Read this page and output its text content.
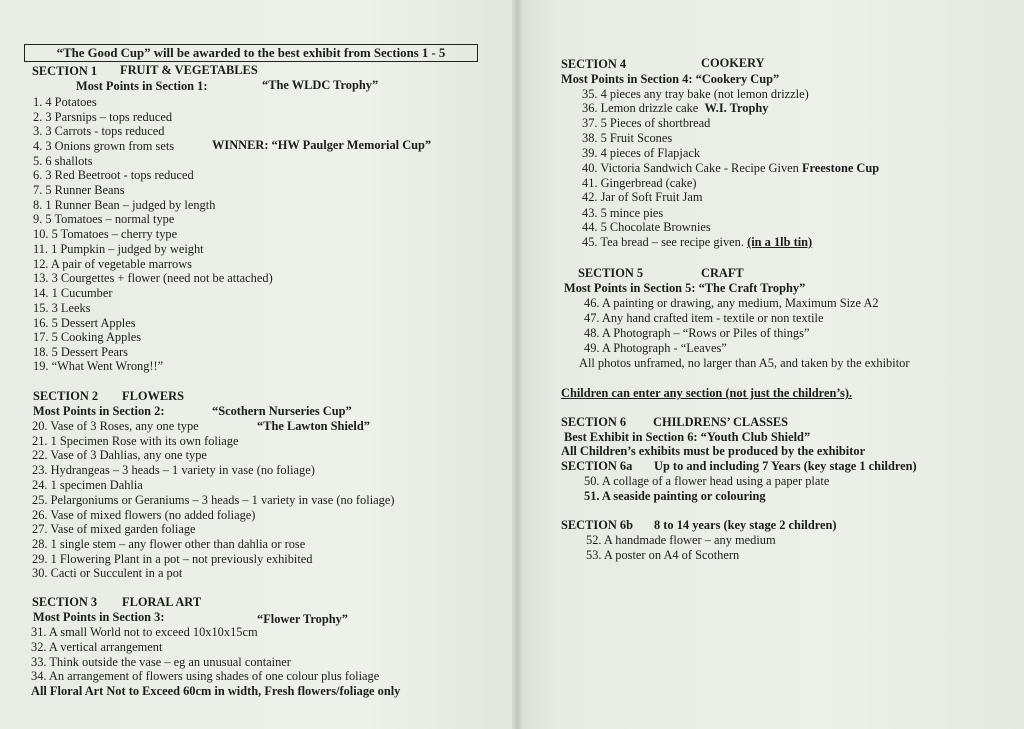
“The Good Cup” will be awarded to the best exhibit from Sections 1 - 5
SECTION 1 FRUIT & VEGETABLES
Most Points in Section 1:	“The WLDC Trophy”
1. 4 Potatoes
2. 3 Parsnips – tops reduced
3. 3 Carrots - tops reduced
4. 3 Onions grown from sets	WINNER: “HW Paulger Memorial Cup”
5. 6 shallots
6. 3 Red Beetroot - tops reduced
7. 5 Runner Beans
8. 1 Runner Bean – judged by length
9. 5 Tomatoes – normal type
10. 5 Tomatoes – cherry type
11. 1 Pumpkin – judged by weight
12. A pair of vegetable marrows
13. 3 Courgettes + flower (need not be attached)
14. 1 Cucumber
15. 3 Leeks
16. 5 Dessert Apples
17. 5 Cooking Apples
18. 5 Dessert Pears
19. “What Went Wrong!!”
SECTION 2 FLOWERS
Most Points in Section 2:	“Scothern Nurseries Cup”
“The Lawton Shield”
20. Vase of 3 Roses, any one type
21. 1 Specimen Rose with its own foliage
22. Vase of 3 Dahlias, any one type
23. Hydrangeas – 3 heads – 1 variety in vase (no foliage)
24. 1 specimen Dahlia
25. Pelargoniums or Geraniums – 3 heads – 1 variety in vase (no foliage)
26. Vase of mixed flowers (no added foliage)
27. Vase of mixed garden foliage
28. 1 single stem – any flower other than dahlia or rose
29. 1 Flowering Plant in a pot – not previously exhibited
30. Cacti or Succulent in a pot
SECTION 3 FLORAL ART
Most Points in Section 3:	“Flower Trophy”
31. A small World not to exceed 10x10x15cm
32. A vertical arrangement
33. Think outside the vase – eg an unusual container
34. An arrangement of flowers using shades of one colour plus foliage
All Floral Art Not to Exceed 60cm in width, Fresh flowers/foliage only
SECTION 4	COOKERY
Most Points in Section 4: “Cookery Cup”
35. 4 pieces any tray bake (not lemon drizzle)
36. Lemon drizzle cake W.I. Trophy
37. 5 Pieces of shortbread
38. 5 Fruit Scones
39. 4 pieces of Flapjack
40. Victoria Sandwich Cake - Recipe Given Freestone Cup
41. Gingerbread (cake)
42. Jar of Soft Fruit Jam
43. 5 mince pies
44. 5 Chocolate Brownies
45. Tea bread – see recipe given. (in a 1lb tin)
SECTION 5	CRAFT
Most Points in Section 5: “The Craft Trophy”
46. A painting or drawing, any medium, Maximum Size A2
47. Any hand crafted item - textile or non textile
48. A Photograph – “Rows or Piles of things”
49. A Photograph - “Leaves”
All photos unframed, no larger than A5, and taken by the exhibitor
Children can enter any section (not just the children’s).
SECTION 6 CHILDRENS’ CLASSES
Best Exhibit in Section 6: “Youth Club Shield”
All Children’s exhibits must be produced by the exhibitor
SECTION 6a Up to and including 7 Years (key stage 1 children)
50. A collage of a flower head using a paper plate
51. A seaside painting or colouring
SECTION 6b 8 to 14 years (key stage 2 children)
52. A handmade flower – any medium
53. A poster on A4 of Scothern
